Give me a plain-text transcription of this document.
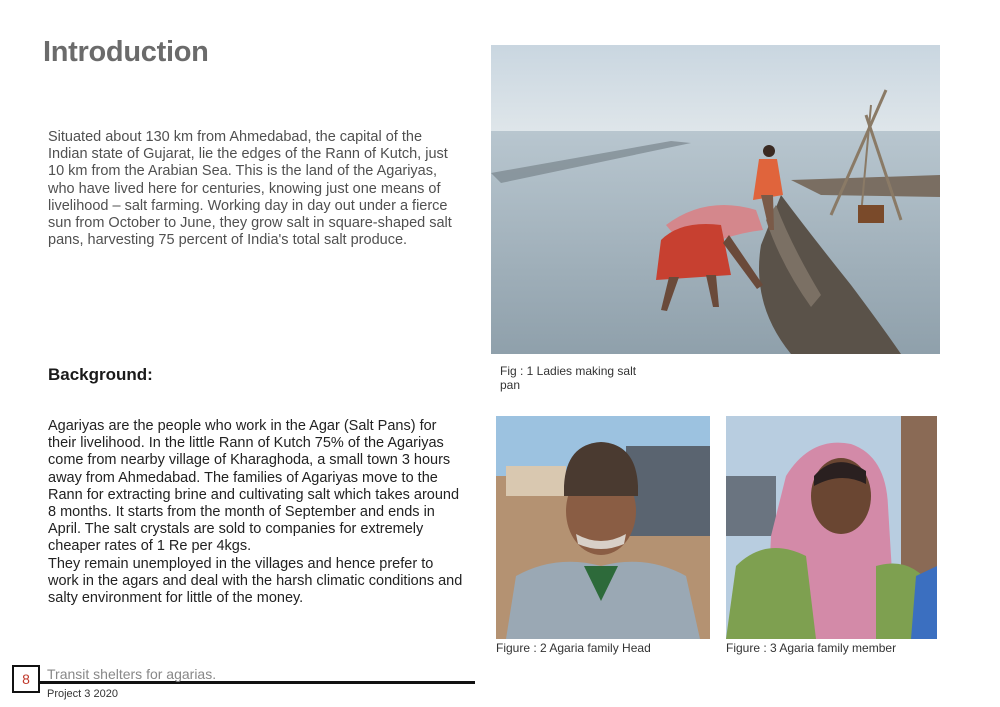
Introduction
Situated about 130 km from Ahmedabad, the capital of the Indian state of Gujarat, lie the edges of the Rann of Kutch, just 10 km from the Arabian Sea. This is the land of the Agariyas, who have lived here for centuries, knowing just one means of livelihood – salt farming. Working day in day out under a fierce sun from October to June, they grow salt in square-shaped salt pans, harvesting 75 percent of India's total salt produce.
Background:

Agariyas are the people who work in the Agar (Salt Pans) for their livelihood. In the little Rann of Kutch 75% of the Agariyas come from nearby village of Kharaghoda, a small town 3 hours away from Ahmedabad. The families of Agariyas move to the Rann for extracting brine and cultivating salt which takes around 8 months. It starts from the month of September and ends in April. The salt crystals are sold to companies for extremely cheaper rates of 1 Re per 4kgs.

They remain unemployed in the villages and hence prefer to work in the agars and deal with the harsh climatic conditions and salty environment for little of the money.

Fig : 1 Ladies making salt pan
Figure : 2 Agaria family Head	Figure : 3 Agaria family member
8 Transit shelters for agarias.
Project 3 2020
